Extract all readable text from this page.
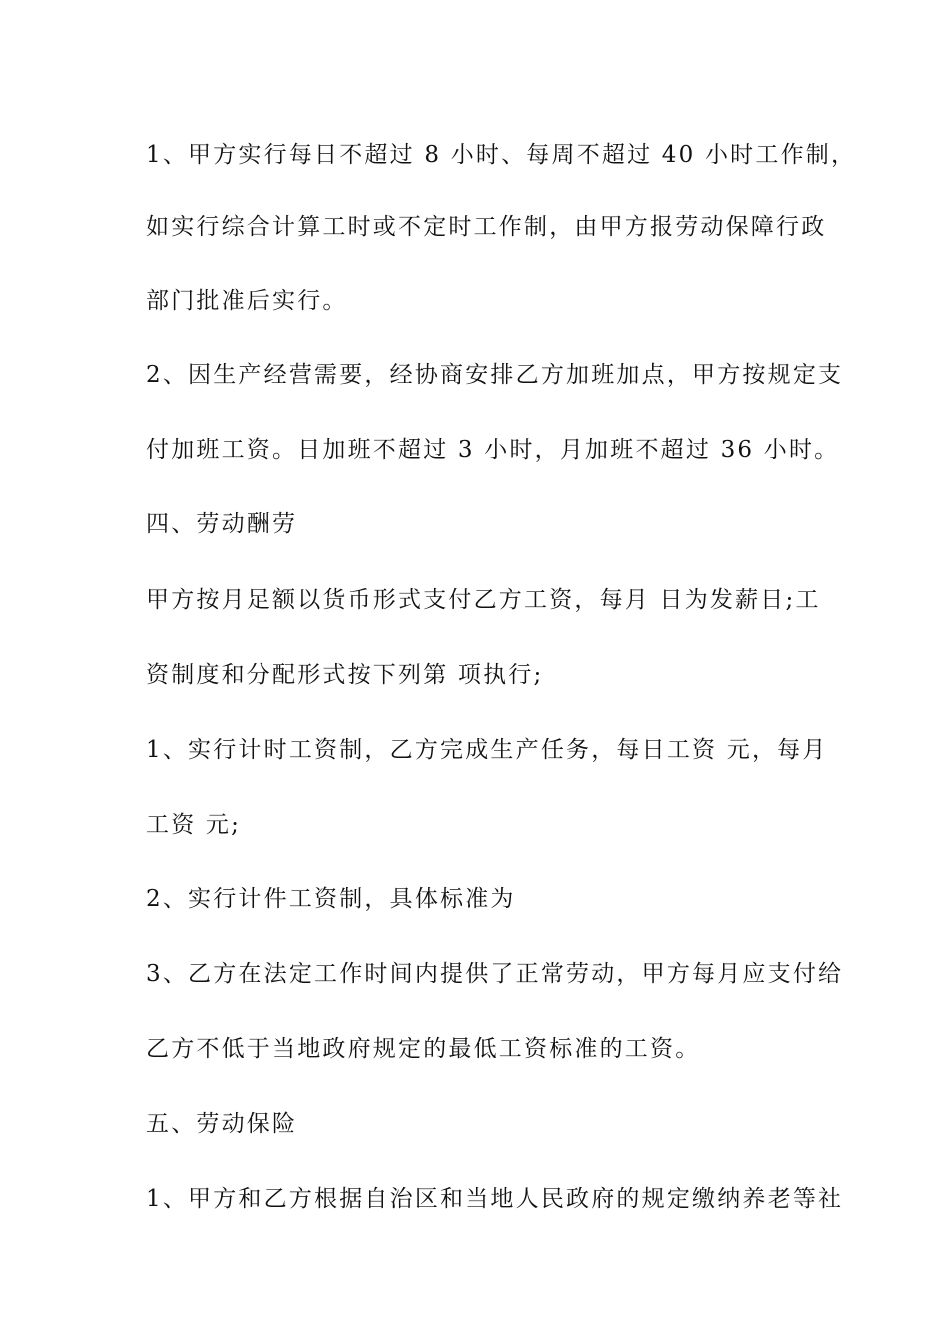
1、甲方实行每日不超过 8 小时、每周不超过 40 小时工作制，
如实行综合计算工时或不定时工作制，由甲方报劳动保障行政
部门批准后实行。
2、因生产经营需要，经协商安排乙方加班加点，甲方按规定支
付加班工资。日加班不超过 3 小时，月加班不超过 36 小时。
四、劳动酬劳
甲方按月足额以货币形式支付乙方工资，每月 日为发薪日;工
资制度和分配形式按下列第 项执行;
1、实行计时工资制，乙方完成生产任务，每日工资 元，每月
工资 元;
2、实行计件工资制，具体标准为
3、乙方在法定工作时间内提供了正常劳动，甲方每月应支付给
乙方不低于当地政府规定的最低工资标准的工资。
五、劳动保险
1、甲方和乙方根据自治区和当地人民政府的规定缴纳养老等社
